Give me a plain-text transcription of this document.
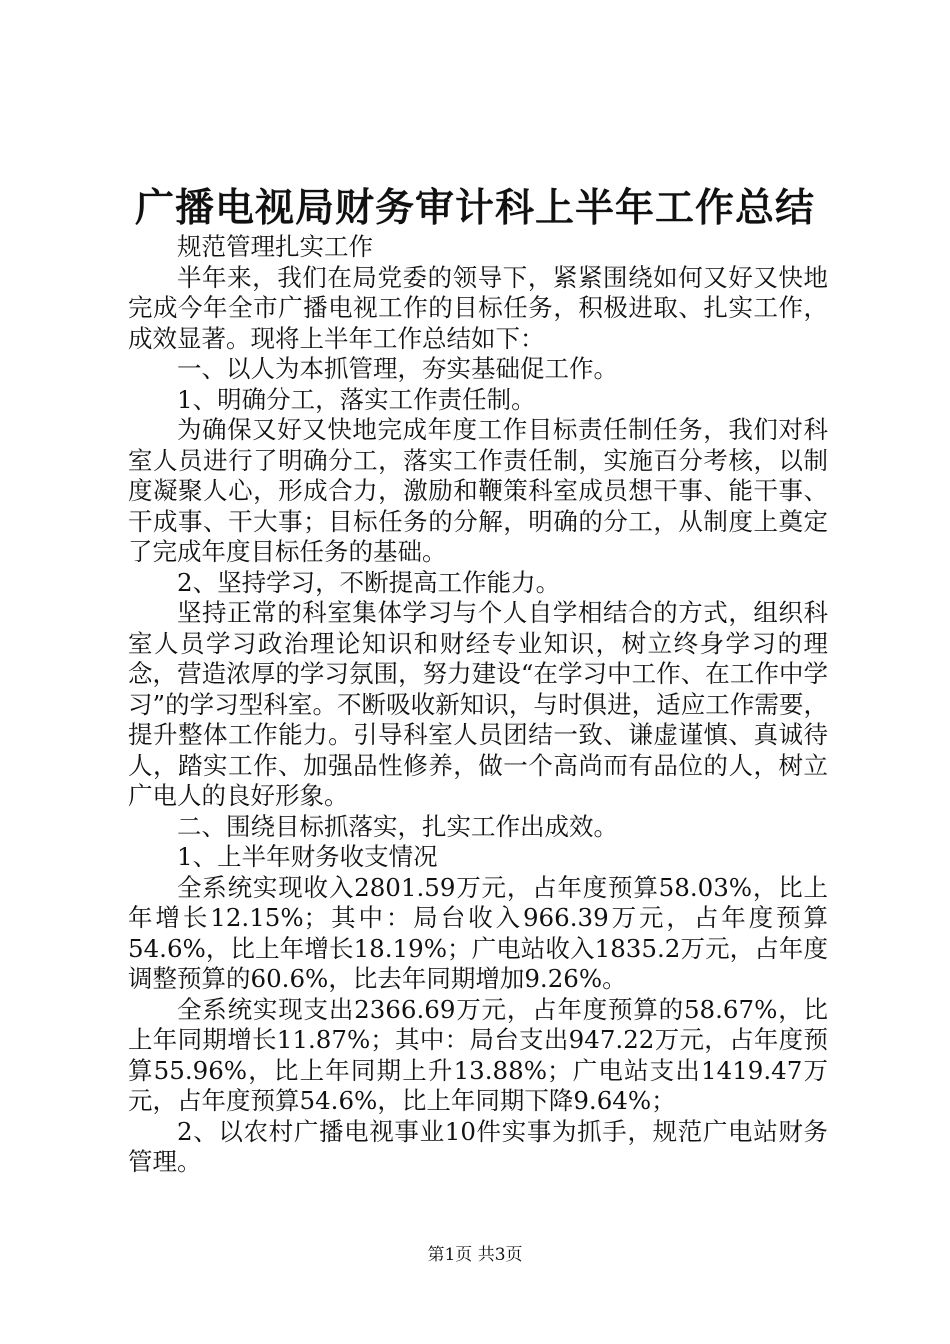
广播电视局财务审计科上半年工作总结

规范管理扎实工作

半年来，我们在局党委的领导下，紧紧围绕如何又好又快地完成今年全市广播电视工作的目标任务，积极进取、扎实工作，成效显著。现将上半年工作总结如下：

一、以人为本抓管理，夯实基础促工作。

1、明确分工，落实工作责任制。

为确保又好又快地完成年度工作目标责任制任务，我们对科室人员进行了明确分工，落实工作责任制，实施百分考核，以制度凝聚人心，形成合力，激励和鞭策科室成员想干事、能干事、干成事、干大事；目标任务的分解，明确的分工，从制度上奠定了完成年度目标任务的基础。

2、坚持学习，不断提高工作能力。

坚持正常的科室集体学习与个人自学相结合的方式，组织科室人员学习政治理论知识和财经专业知识，树立终身学习的理念，营造浓厚的学习氛围，努力建设“在学习中工作、在工作中学习”的学习型科室。不断吸收新知识，与时俱进，适应工作需要，提升整体工作能力。引导科室人员团结一致、谦虚谨慎、真诚待人，踏实工作、加强品性修养，做一个高尚而有品位的人，树立广电人的良好形象。

二、围绕目标抓落实，扎实工作出成效。

1、上半年财务收支情况

全系统实现收入2801.59万元，占年度预算58.03%，比上年增长12.15%；其中：局台收入966.39万元，占年度预算54.6%，比上年增长18.19%；广电站收入1835.2万元，占年度调整预算的60.6%，比去年同期增加9.26%。

全系统实现支出2366.69万元，占年度预算的58.67%，比上年同期增长11.87%；其中：局台支出947.22万元，占年度预算55.96%，比上年同期上升13.88%；广电站支出1419.47万元，占年度预算54.6%，比上年同期下降9.64%；

2、以农村广播电视事业10件实事为抓手，规范广电站财务管理。

第1页 共3页
